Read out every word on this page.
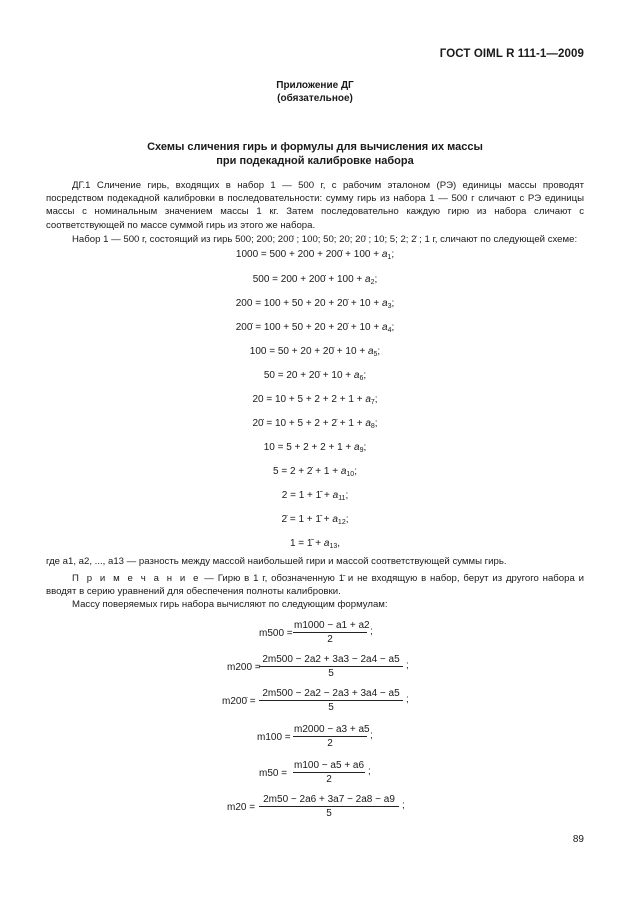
ГОСТ OIML R 111-1—2009
Приложение ДГ
(обязательное)
Схемы сличения гирь и формулы для вычисления их массы
при подекадной калибровке набора
ДГ.1 Сличение гирь, входящих в набор 1 — 500 г, с рабочим эталоном (РЭ) единицы массы проводят посредством подекадной калибровки в последовательности: сумму гирь из набора 1 — 500 г сличают с РЭ единицы массы с номинальным значением массы 1 кг. Затем последовательно каждую гирю из набора сличают с соответствующей по массе суммой гирь из этого же набора.
Набор 1 — 500 г, состоящий из гирь 500; 200; 200̇ ; 100; 50; 20; 20̇ ; 10; 5; 2; 2̇ ; 1 г, сличают по следующей схеме:
1000 = 500 + 200 + 200̇ + $100 + a_1$;
500 = 200 + 200̇ + $100 + a_2$;
200 = 100 + 50 + 20 + 20̇ + $10 + a_3$;
200̇ = 100 + 50 + 20 + 20̇ + $10 + a_4$;
100 = 50 + 20 + 20̇ + $10 + a_5$;
50 = 20 + 20̇ + $10 + a_6$;
$20 = 10 + 5 + 2 + 2 + 1 + a_7$;
20̇ = 10 + 5 + 2 + 2̇ + $1 + a_8$;
$10 = 5 + 2 + 2 + 1 + a_9$;
5 = 2 + 2̇ + $1 + a_{10}$;
2 = 1 + 1̄ + $a_{11}$;
2̇ = 1 + 1̄ + $a_{12}$;
1 = 1̄ + $a_{13}$,
где a1, a2, ..., a13 — разность между массой наибольшей гири и массой соответствующей суммы гирь.
П р и м е ч а н и е — Гирю в 1 г, обозначенную 1̄ и не входящую в набор, берут из другого набора и вводят в серию уравнений для обеспечения полноты калибровки.
Массу поверяемых гирь набора вычисляют по следующим формулам:
m500 =
m1000 − a1 + a2
2
;
m200 =
2m500 − 2a2 + 3a3 − 2a4 − a5
5
;
m200̇ =
2m500 − 2a2 − 2a3 + 3a4 − a5
5
;
m100 =
m2000 − a3 + a5
2
;
m50 =
m100 − a5 + a6
2
;
m20 =
2m50 − 2a6 + 3a7 − 2a8 − a9
5
;
89
